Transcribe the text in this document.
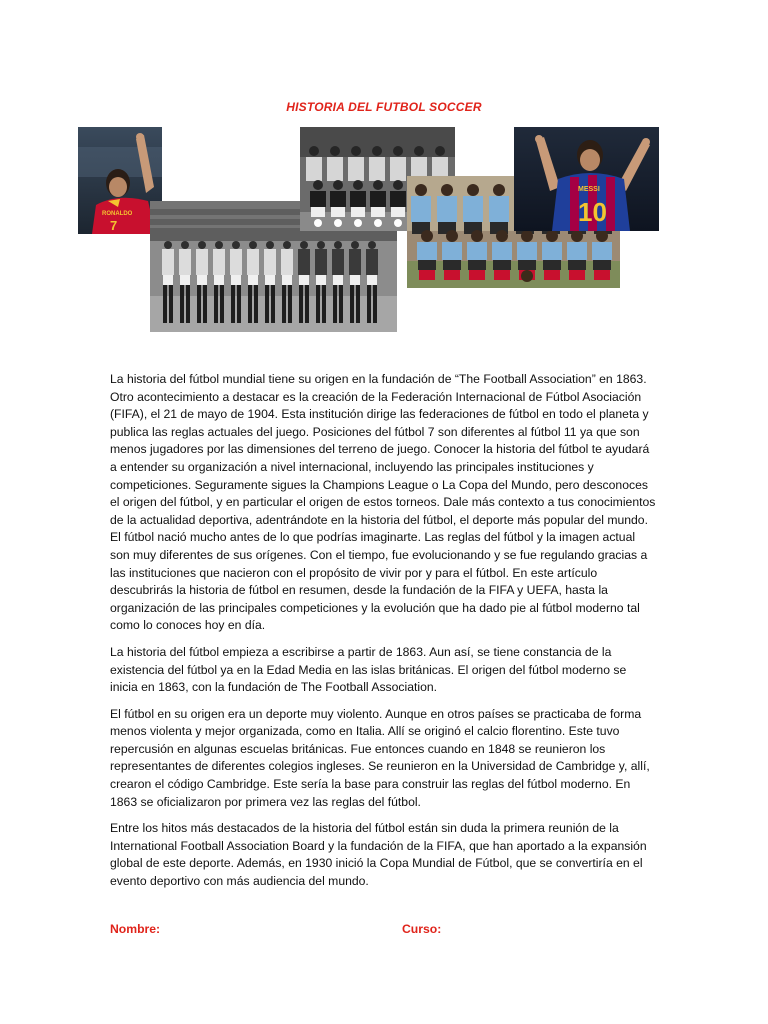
HISTORIA DEL FUTBOL SOCCER
RONALDO
7
MESSI
10

La historia del fútbol mundial tiene su origen en la fundación de “The Football Association” en 1863. Otro acontecimiento a destacar es la creación de la Federación Internacional de Fútbol Asociación (FIFA), el 21 de mayo de 1904. Esta institución dirige las federaciones de fútbol en todo el planeta y publica las reglas actuales del juego. Posiciones del fútbol 7 son diferentes al fútbol 11 ya que son menos jugadores por las dimensiones del terreno de juego. Conocer la historia del fútbol te ayudará a entender su organización a nivel internacional, incluyendo las principales instituciones y competiciones. Seguramente sigues la Champions League o La Copa del Mundo, pero desconoces el origen del fútbol, y en particular el origen de estos torneos. Dale más contexto a tus conocimientos de la actualidad deportiva, adentrándote en la historia del fútbol, el deporte más popular del mundo. El fútbol nació mucho antes de lo que podrías imaginarte. Las reglas del fútbol y la imagen actual son muy diferentes de sus orígenes. Con el tiempo, fue evolucionando y se fue regulando gracias a las instituciones que nacieron con el propósito de vivir por y para el fútbol. En este artículo descubrirás la historia de fútbol en resumen, desde la fundación de la FIFA y UEFA, hasta la organización de las principales competiciones y la evolución que ha dado pie al fútbol moderno tal como lo conoces hoy en día.

La historia del fútbol empieza a escribirse a partir de 1863. Aun así, se tiene constancia de la existencia del fútbol ya en la Edad Media en las islas británicas. El origen del fútbol moderno se inicia en 1863, con la fundación de The Football Association.

El fútbol en su origen era un deporte muy violento. Aunque en otros países se practicaba de forma menos violenta y mejor organizada, como en Italia. Allí se originó el calcio florentino. Este tuvo repercusión en algunas escuelas británicas. Fue entonces cuando en 1848 se reunieron los representantes de diferentes colegios ingleses. Se reunieron en la Universidad de Cambridge y, allí, crearon el código Cambridge. Este sería la base para construir las reglas del fútbol moderno. En 1863 se oficializaron por primera vez las reglas del fútbol.

Entre los hitos más destacados de la historia del fútbol están sin duda la primera reunión de la International Football Association Board y la fundación de la FIFA, que han aportado a la expansión global de este deporte. Además, en 1930 inició la Copa Mundial de Fútbol, que se convertiría en el evento deportivo con más audiencia del mundo.

Nombre:	Curso:
